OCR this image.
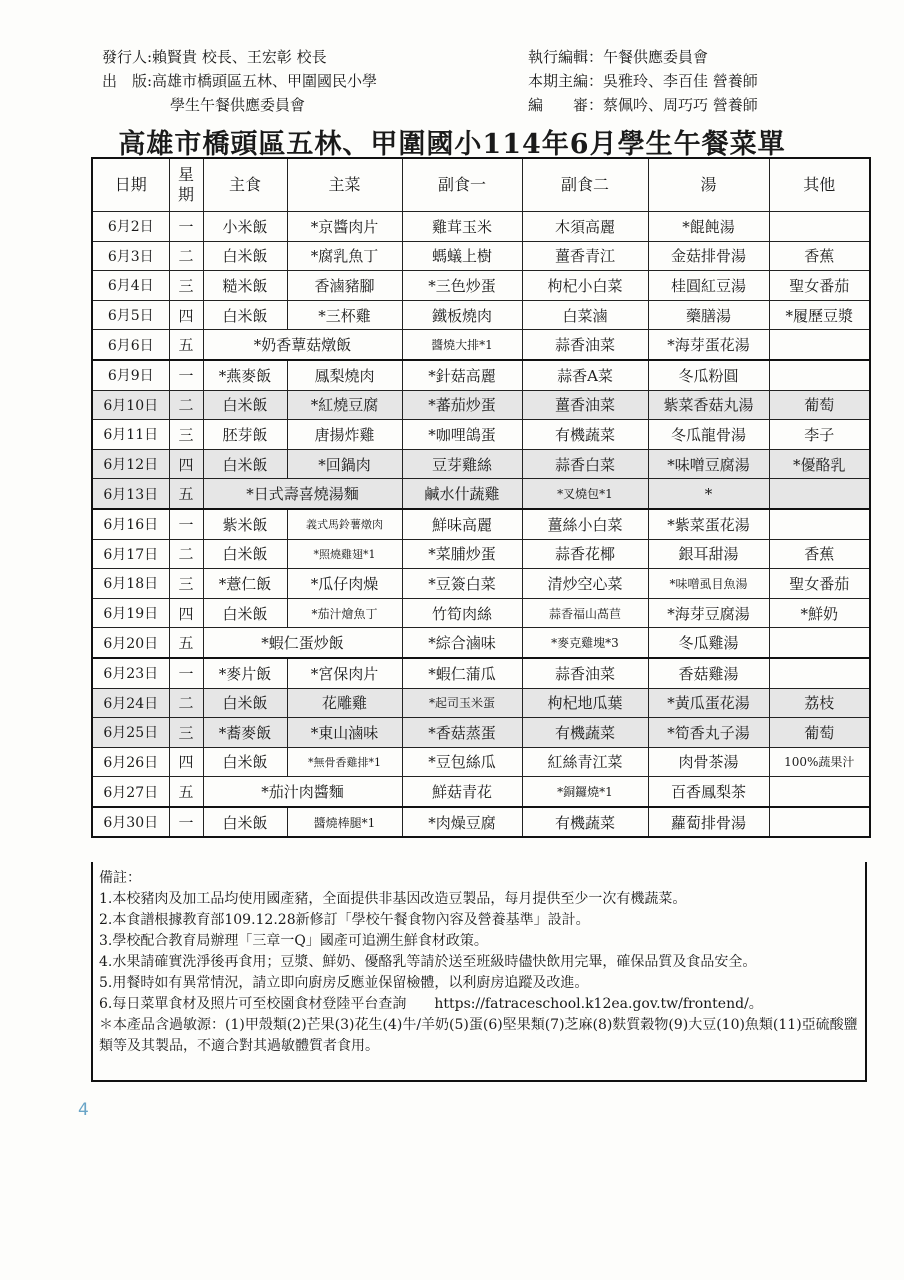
發行人:賴賢貴 校長、王宏彰 校長
出　版:高雄市橋頭區五林、甲圍國民小學
學生午餐供應委員會
執行編輯：午餐供應委員會
本期主編：吳雅玲、李百佳 營養師
編　　審：蔡佩吟、周巧巧 營養師
高雄市橋頭區五林、甲圍國小114年6月學生午餐菜單
日期	星期	主食	主菜	副食一	副食二	湯	其他
6月2日	一	小米飯	*京醬肉片	雞茸玉米	木須高麗	*餛飩湯	
6月3日	二	白米飯	*腐乳魚丁	螞蟻上樹	薑香青江	金菇排骨湯	香蕉
6月4日	三	糙米飯	香滷豬腳	*三色炒蛋	枸杞小白菜	桂圓紅豆湯	聖女番茄
6月5日	四	白米飯	*三杯雞	鐵板燒肉	白菜滷	藥膳湯	*履歷豆漿
6月6日	五	*奶香蕈菇燉飯		醬燒大排*1	蒜香油菜	*海芽蛋花湯	
6月9日	一	*燕麥飯	鳳梨燒肉	*針菇高麗	蒜香A菜	冬瓜粉圓	
6月10日	二	白米飯	*紅燒豆腐	*蕃茄炒蛋	薑香油菜	紫菜香菇丸湯	葡萄
6月11日	三	胚芽飯	唐揚炸雞	*咖哩鴿蛋	有機蔬菜	冬瓜龍骨湯	李子
6月12日	四	白米飯	*回鍋肉	豆芽雞絲	蒜香白菜	*味噌豆腐湯	*優酪乳
6月13日	五	*日式壽喜燒湯麵		鹹水什蔬雞	*叉燒包*1	*	
6月16日	一	紫米飯	義式馬鈴薯燉肉	鮮味高麗	薑絲小白菜	*紫菜蛋花湯	
6月17日	二	白米飯	*照燒雞翅*1	*菜脯炒蛋	蒜香花椰	銀耳甜湯	香蕉
6月18日	三	*薏仁飯	*瓜仔肉燥	*豆簽白菜	清炒空心菜	*味噌虱目魚湯	聖女番茄
6月19日	四	白米飯	*茄汁燴魚丁	竹筍肉絲	蒜香福山萵苣	*海芽豆腐湯	*鮮奶
6月20日	五	*蝦仁蛋炒飯		*綜合滷味	*麥克雞塊*3	冬瓜雞湯	
6月23日	一	*麥片飯	*宮保肉片	*蝦仁蒲瓜	蒜香油菜	香菇雞湯	
6月24日	二	白米飯	花雕雞	*起司玉米蛋	枸杞地瓜葉	*黃瓜蛋花湯	荔枝
6月25日	三	*蕎麥飯	*東山滷味	*香菇蒸蛋	有機蔬菜	*筍香丸子湯	葡萄
6月26日	四	白米飯	*無骨香雞排*1	*豆包絲瓜	紅絲青江菜	肉骨茶湯	100%蔬果汁
6月27日	五	*茄汁肉醬麵		鮮菇青花	*銅鑼燒*1	百香鳳梨茶	
6月30日	一	白米飯	醬燒棒腿*1	*肉燥豆腐	有機蔬菜	蘿蔔排骨湯	
備註：
1.本校豬肉及加工品均使用國產豬，全面提供非基因改造豆製品，每月提供至少一次有機蔬菜。
2.本食譜根據教育部109.12.28新修訂「學校午餐食物內容及營養基準」設計。
3.學校配合教育局辦理「三章一Q」國產可追溯生鮮食材政策。
4.水果請確實洗淨後再食用；豆漿、鮮奶、優酪乳等請於送至班級時儘快飲用完畢，確保品質及食品安全。
5.用餐時如有異常情況，請立即向廚房反應並保留檢體，以利廚房追蹤及改進。
6.每日菜單食材及照片可至校園食材登陸平台查詢　　https://fatraceschool.k12ea.gov.tw/frontend/。
＊本產品含過敏源：(1)甲殼類(2)芒果(3)花生(4)牛/羊奶(5)蛋(6)堅果類(7)芝麻(8)麩質穀物(9)大豆(10)魚類(11)亞硫酸鹽類等及其製品，不適合對其過敏體質者食用。
4
